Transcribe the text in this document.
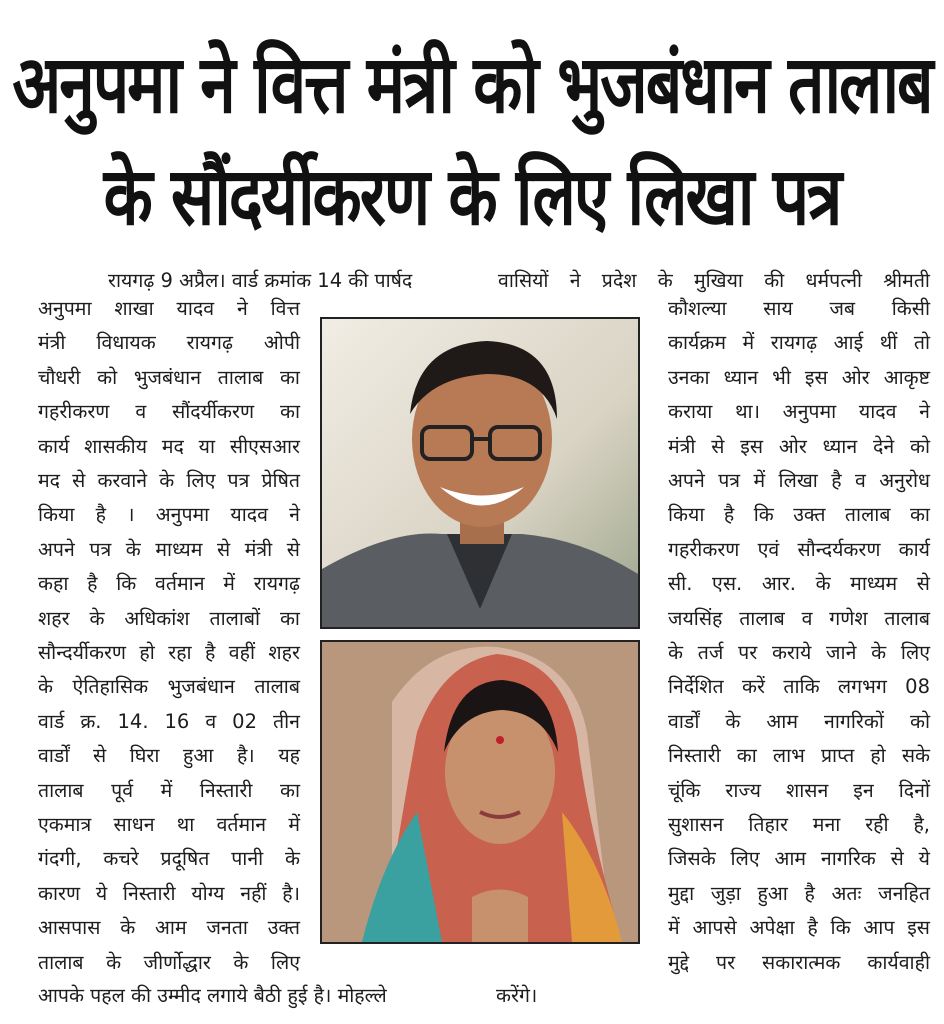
अनुपमा ने वित्त मंत्री को भुजबंधान तालाब
के सौंदर्यीकरण के लिए लिखा पत्र
रायगढ़ 9 अप्रैल। वार्ड क्रमांक 14 की पार्षद	वासियों ने प्रदेश के मुखिया की धर्मपत्नी श्रीमती
अनुपमा शाखा यादव ने वित्त
मंत्री विधायक रायगढ़ ओपी
चौधरी को भुजबंधान तालाब का
गहरीकरण व सौंदर्यीकरण का
कार्य शासकीय मद या सीएसआर
मद से करवाने के लिए पत्र प्रेषित
किया है । अनुपमा यादव ने
अपने पत्र के माध्यम से मंत्री से
कहा है कि वर्तमान में रायगढ़
शहर के अधिकांश तालाबों का
सौन्दर्यीकरण हो रहा है वहीं शहर
के ऐतिहासिक भुजबंधान तालाब
वार्ड क्र. 14. 16 व 02 तीन
वार्डों से घिरा हुआ है। यह
तालाब पूर्व में निस्तारी का
एकमात्र साधन था वर्तमान में
गंदगी, कचरे प्रदूषित पानी के
कारण ये निस्तारी योग्य नहीं है।
आसपास के आम जनता उक्त
तालाब के जीर्णोद्धार के लिए
कौशल्या साय जब किसी
कार्यक्रम में रायगढ़ आई थीं तो
उनका ध्यान भी इस ओर आकृष्ट
कराया था। अनुपमा यादव ने
मंत्री से इस ओर ध्यान देने को
अपने पत्र में लिखा है व अनुरोध
किया है कि उक्त तालाब का
गहरीकरण एवं सौन्दर्यकरण कार्य
सी. एस. आर. के माध्यम से
जयसिंह तालाब व गणेश तालाब
के तर्ज पर कराये जाने के लिए
निर्देशित करें ताकि लगभग 08
वार्डों के आम नागरिकों को
निस्तारी का लाभ प्राप्त हो सके
चूंकि राज्य शासन इन दिनों
सुशासन तिहार मना रही है,
जिसके लिए आम नागरिक से ये
मुद्दा जुड़ा हुआ है अतः जनहित
में आपसे अपेक्षा है कि आप इस
मुद्दे पर सकारात्मक कार्यवाही
आपके पहल की उम्मीद लगाये बैठी हुई है। मोहल्ले	करेंगे।
